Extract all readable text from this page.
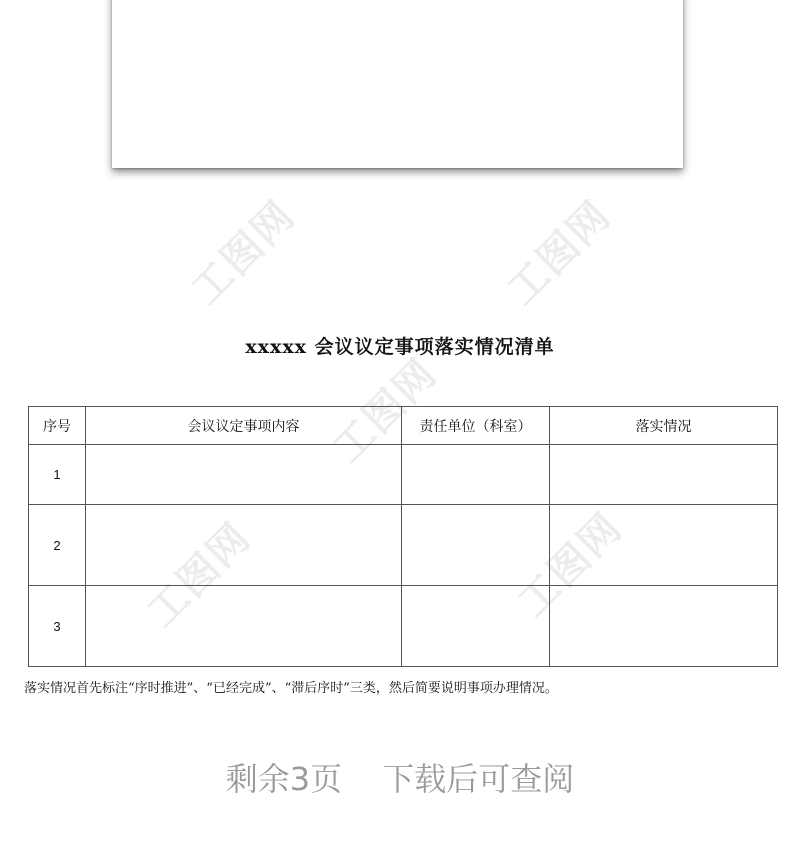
工图网	工图网
工图网
工图网	工图网
xxxxx 会议议定事项落实情况清单
序号	会议议定事项内容	责任单位（科室）	落实情况
1			
2			
3			
落实情况首先标注“序时推进”、“已经完成”、“滞后序时”三类，然后简要说明事项办理情况。
剩余3页 下载后可查阅
